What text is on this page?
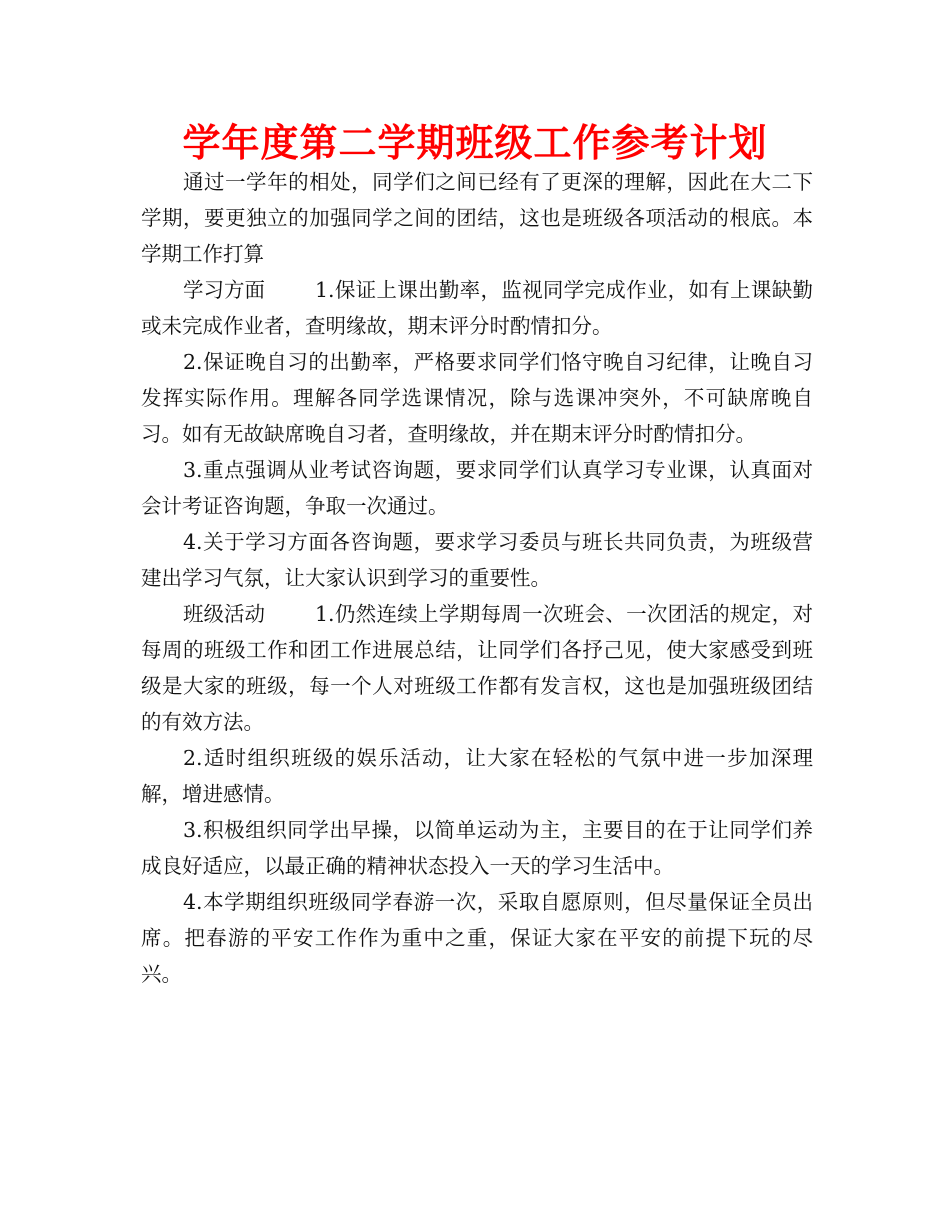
学年度第二学期班级工作参考计划

通过一学年的相处，同学们之间已经有了更深的理解，因此在大二下学期，要更独立的加强同学之间的团结，这也是班级各项活动的根底。本学期工作打算

学习方面 1.保证上课出勤率，监视同学完成作业，如有上课缺勤或未完成作业者，查明缘故，期末评分时酌情扣分。

2.保证晚自习的出勤率，严格要求同学们恪守晚自习纪律，让晚自习发挥实际作用。理解各同学选课情况，除与选课冲突外，不可缺席晚自习。如有无故缺席晚自习者，查明缘故，并在期末评分时酌情扣分。

3.重点强调从业考试咨询题，要求同学们认真学习专业课，认真面对会计考证咨询题，争取一次通过。

4.关于学习方面各咨询题，要求学习委员与班长共同负责，为班级营建出学习气氛，让大家认识到学习的重要性。

班级活动 1.仍然连续上学期每周一次班会、一次团活的规定，对每周的班级工作和团工作进展总结，让同学们各抒己见，使大家感受到班级是大家的班级，每一个人对班级工作都有发言权，这也是加强班级团结的有效方法。

2.适时组织班级的娱乐活动，让大家在轻松的气氛中进一步加深理解，增进感情。

3.积极组织同学出早操，以简单运动为主，主要目的在于让同学们养成良好适应，以最正确的精神状态投入一天的学习生活中。

4.本学期组织班级同学春游一次，采取自愿原则，但尽量保证全员出席。把春游的平安工作作为重中之重，保证大家在平安的前提下玩的尽兴。
